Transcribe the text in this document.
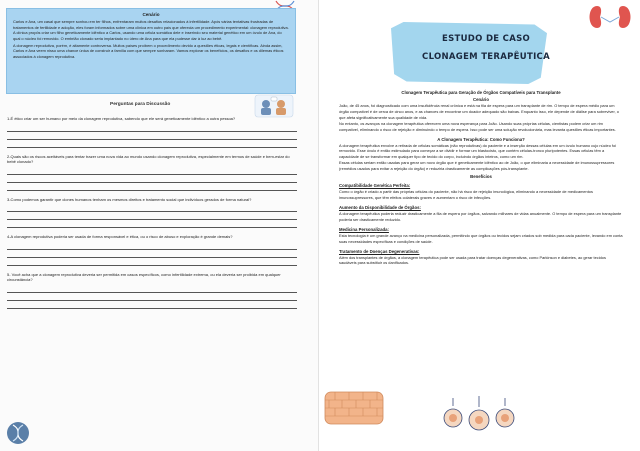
Cenário

Carlos e Ana, um casal que sempre sonhou em ter filhos, enfrentaram muitos desafios relacionados à infertilidade. Após várias tentativas frustradas de tratamentos de fertilidade e adoção, eles foram informados sobre uma clínica em outro país que oferecia um procedimento experimental: clonagem reprodutiva. A clínica propôs criar um filho geneticamente idêntico a Carlos, usando uma célula somática dele e inserindo seu material genético em um óvulo de Ana, do qual o núcleo foi removido. O embrião clonado seria implantado no útero de Ana para que ela pudesse dar à luz ao bebê.

A clonagem reprodutiva, porém, é altamente controversa. Muitos países proíbem o procedimento devido a questões éticas, legais e científicas. Ainda assim, Carlos e Ana veem nisso uma chance única de construir a família com que sempre sonharam. Vamos explorar os benefícios, os desafios e os dilemas éticos associados à clonagem reprodutiva.

Perguntas para Discussão
1-É ético criar um ser humano por meio da clonagem reprodutiva, sabendo que ele será geneticamente idêntico a outra pessoa?
2-Quais são os riscos aceitáveis para tentar trazer uma nova vida ao mundo usando clonagem reprodutiva, especialmente em termos de saúde e bem-estar do bebê clonado?
3-Como podemos garantir que clones humanos tenham os mesmos direitos e tratamento social que indivíduos gerados de forma natural?
4-A clonagem reprodutiva poderia ser usada de forma responsável e ética, ou o risco de abuso e exploração é grande demais?
5- Você acha que a clonagem reprodutiva deveria ser permitida em casos específicos, como infertilidade extrema, ou ela deveria ser proibida em qualquer circunstância?
ESTUDO DE CASO
CLONAGEM TERAPÊUTICA
Clonagem Terapêutica para Geração de Órgãos Compatíveis para Transplante
Cenário

João, de 45 anos, foi diagnosticado com uma insuficiência renal crônica e está na fila de espera para um transplante de rim. O tempo de espera médio para um órgão compatível é de cerca de cinco anos, e as chances de encontrar um doador adequado são baixas. Enquanto isso, ele depende de diálise para sobreviver, o que afeta significativamente sua qualidade de vida.

No entanto, os avanços na clonagem terapêutica oferecem uma nova esperança para João. Usando suas próprias células, cientistas podem criar um rim compatível, eliminando o risco de rejeição e diminuindo o tempo de espera. Isso pode ser uma solução revolucionária, mas levanta questões éticas importantes.

A Clonagem Terapêutica: Como Funciona?

A clonagem terapêutica envolve a retirada de células somáticas (não reprodutivas) do paciente e a inserção dessas células em um óvulo humano cujo núcleo foi removido. Esse óvulo é então estimulado para começar a se dividir e formar um blastocisto, que contém células-tronco pluripotentes. Essas células têm a capacidade de se transformar em qualquer tipo de tecido do corpo, incluindo órgãos inteiros, como um rim.

Essas células seriam então usadas para gerar um novo órgão que é geneticamente idêntico ao de João, o que eliminaria a necessidade de imunossupressores (remédios usados para evitar a rejeição do órgão) e reduziria drasticamente as complicações pós-transplante.

Benefícios
Compatibilidade Genética Perfeita:

Como o órgão é criado a partir das próprias células do paciente, não há risco de rejeição imunológica, eliminando a necessidade de medicamentos imunossupressores, que têm efeitos colaterais graves e aumentam o risco de infecções.

Aumento da Disponibilidade de Órgãos:

A clonagem terapêutica poderia reduzir drasticamente a fila de espera por órgãos, salvando milhares de vidas anualmente. O tempo de espera para um transplante poderia ser drasticamente reduzido.

Medicina Personalizada:

Esta tecnologia é um grande avanço na medicina personalizada, permitindo que órgãos ou tecidos sejam criados sob medida para cada paciente, levando em conta suas necessidades específicas e condições de saúde.

Tratamento de Doenças Degenerativas:

Além dos transplantes de órgãos, a clonagem terapêutica pode ser usada para tratar doenças degenerativas, como Parkinson e diabetes, ao gerar tecidos saudáveis para substituir os danificados.
